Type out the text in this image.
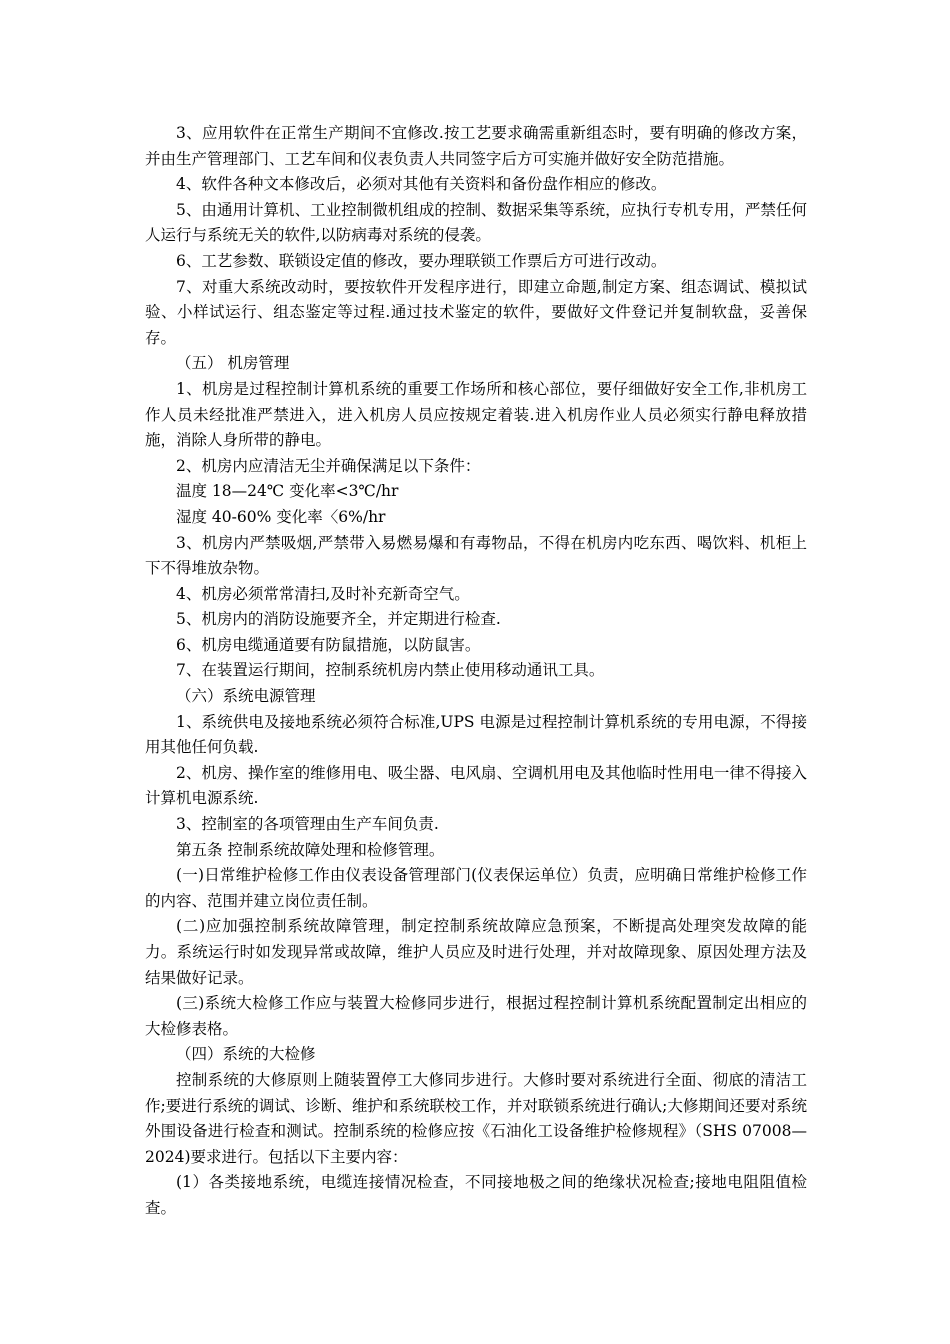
3、应用软件在正常生产期间不宜修改.按工艺要求确需重新组态时，要有明确的修改方案，并由生产管理部门、工艺车间和仪表负责人共同签字后方可实施并做好安全防范措施。

4、软件各种文本修改后，必须对其他有关资料和备份盘作相应的修改。

5、由通用计算机、工业控制微机组成的控制、数据采集等系统，应执行专机专用，严禁任何人运行与系统无关的软件,以防病毒对系统的侵袭。

6、工艺参数、联锁设定值的修改，要办理联锁工作票后方可进行改动。

7、对重大系统改动时，要按软件开发程序进行，即建立命题,制定方案、组态调试、模拟试验、小样试运行、组态鉴定等过程.通过技术鉴定的软件，要做好文件登记并复制软盘，妥善保存。

（五） 机房管理

1、机房是过程控制计算机系统的重要工作场所和核心部位，要仔细做好安全工作,非机房工作人员未经批准严禁进入，进入机房人员应按规定着装.进入机房作业人员必须实行静电释放措施，消除人身所带的静电。

2、机房内应清洁无尘并确保满足以下条件：

温度 18—24℃ 变化率<3℃/hr

湿度 40-60% 变化率〈6%/hr

3、机房内严禁吸烟,严禁带入易燃易爆和有毒物品，不得在机房内吃东西、喝饮料、机柜上下不得堆放杂物。

4、机房必须常常清扫,及时补充新奇空气。

5、机房内的消防设施要齐全，并定期进行检查.

6、机房电缆通道要有防鼠措施，以防鼠害。

7、在装置运行期间，控制系统机房内禁止使用移动通讯工具。

（六）系统电源管理

1、系统供电及接地系统必须符合标准,UPS 电源是过程控制计算机系统的专用电源，不得接用其他任何负载.

2、机房、操作室的维修用电、吸尘器、电风扇、空调机用电及其他临时性用电一律不得接入计算机电源系统.

3、控制室的各项管理由生产车间负责.

第五条 控制系统故障处理和检修管理。

(一)日常维护检修工作由仪表设备管理部门(仪表保运单位）负责，应明确日常维护检修工作的内容、范围并建立岗位责任制。

(二)应加强控制系统故障管理，制定控制系统故障应急预案，不断提高处理突发故障的能力。系统运行时如发现异常或故障，维护人员应及时进行处理，并对故障现象、原因处理方法及结果做好记录。

(三)系统大检修工作应与装置大检修同步进行，根据过程控制计算机系统配置制定出相应的大检修表格。

（四）系统的大检修

控制系统的大修原则上随装置停工大修同步进行。大修时要对系统进行全面、彻底的清洁工作;要进行系统的调试、诊断、维护和系统联校工作，并对联锁系统进行确认;大修期间还要对系统外围设备进行检查和测试。控制系统的检修应按《石油化工设备维护检修规程》（SHS 07008—2024)要求进行。包括以下主要内容：

(1）各类接地系统，电缆连接情况检查，不同接地极之间的绝缘状况检查;接地电阻阻值检查。
